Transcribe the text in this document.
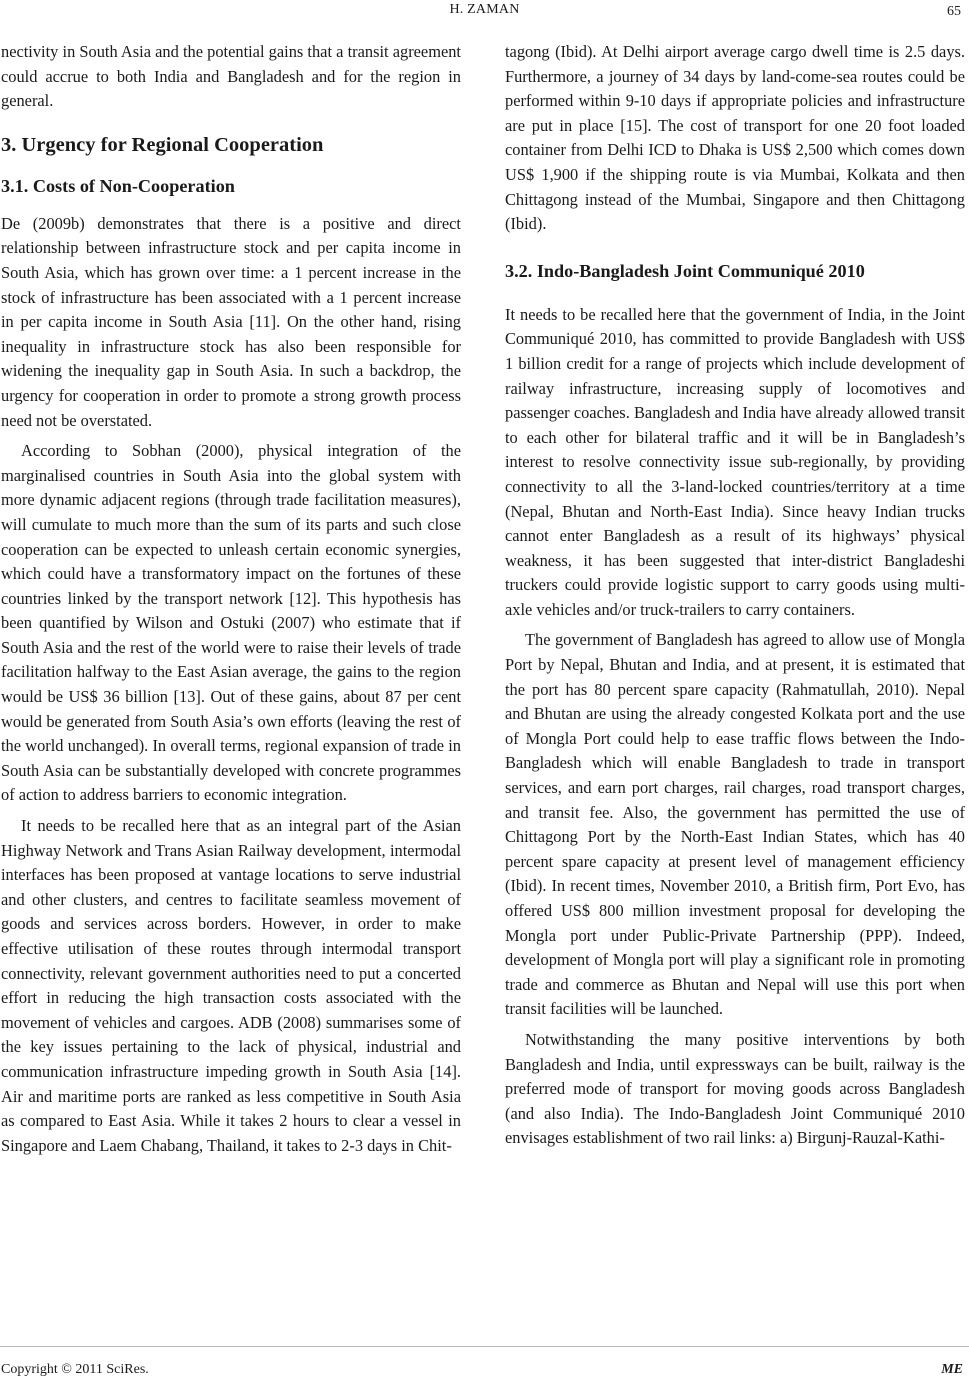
H. ZAMAN	65

nectivity in South Asia and the potential gains that a transit agreement could accrue to both India and Bangladesh and for the region in general.

3. Urgency for Regional Cooperation
3.1. Costs of Non-Cooperation

De (2009b) demonstrates that there is a positive and direct relationship between infrastructure stock and per capita income in South Asia, which has grown over time: a 1 percent increase in the stock of infrastructure has been associated with a 1 percent increase in per capita income in South Asia [11]. On the other hand, rising inequality in infrastructure stock has also been responsible for widening the inequality gap in South Asia. In such a backdrop, the urgency for cooperation in order to promote a strong growth process need not be overstated.

According to Sobhan (2000), physical integration of the marginalised countries in South Asia into the global system with more dynamic adjacent regions (through trade facilitation measures), will cumulate to much more than the sum of its parts and such close cooperation can be expected to unleash certain economic synergies, which could have a transformatory impact on the fortunes of these countries linked by the transport network [12]. This hypothesis has been quantified by Wilson and Ostuki (2007) who estimate that if South Asia and the rest of the world were to raise their levels of trade facilitation halfway to the East Asian average, the gains to the region would be US$ 36 billion [13]. Out of these gains, about 87 per cent would be generated from South Asia’s own efforts (leaving the rest of the world unchanged). In overall terms, regional expansion of trade in South Asia can be substantially developed with concrete programmes of action to address barriers to economic integration.

It needs to be recalled here that as an integral part of the Asian Highway Network and Trans Asian Railway development, intermodal interfaces has been proposed at vantage locations to serve industrial and other clusters, and centres to facilitate seamless movement of goods and services across borders. However, in order to make effective utilisation of these routes through intermodal transport connectivity, relevant government authorities need to put a concerted effort in reducing the high transaction costs associated with the movement of vehicles and cargoes. ADB (2008) summarises some of the key issues pertaining to the lack of physical, industrial and communication infrastructure impeding growth in South Asia [14]. Air and maritime ports are ranked as less competitive in South Asia as compared to East Asia. While it takes 2 hours to clear a vessel in Singapore and Laem Chabang, Thailand, it takes to 2-3 days in Chit-

tagong (Ibid). At Delhi airport average cargo dwell time is 2.5 days. Furthermore, a journey of 34 days by land-come-sea routes could be performed within 9-10 days if appropriate policies and infrastructure are put in place [15]. The cost of transport for one 20 foot loaded container from Delhi ICD to Dhaka is US$ 2,500 which comes down US$ 1,900 if the shipping route is via Mumbai, Kolkata and then Chittagong instead of the Mumbai, Singapore and then Chittagong (Ibid).

3.2. Indo-Bangladesh Joint Communiqué 2010

It needs to be recalled here that the government of India, in the Joint Communiqué 2010, has committed to provide Bangladesh with US$ 1 billion credit for a range of projects which include development of railway infrastructure, increasing supply of locomotives and passenger coaches. Bangladesh and India have already allowed transit to each other for bilateral traffic and it will be in Bangladesh’s interest to resolve connectivity issue sub-regionally, by providing connectivity to all the 3-land-locked countries/territory at a time (Nepal, Bhutan and North-East India). Since heavy Indian trucks cannot enter Bangladesh as a result of its highways’ physical weakness, it has been suggested that inter-district Bangladeshi truckers could provide logistic support to carry goods using multi-axle vehicles and/or truck-trailers to carry containers.

The government of Bangladesh has agreed to allow use of Mongla Port by Nepal, Bhutan and India, and at present, it is estimated that the port has 80 percent spare capacity (Rahmatullah, 2010). Nepal and Bhutan are using the already congested Kolkata port and the use of Mongla Port could help to ease traffic flows between the Indo-Bangladesh which will enable Bangladesh to trade in transport services, and earn port charges, rail charges, road transport charges, and transit fee. Also, the government has permitted the use of Chittagong Port by the North-East Indian States, which has 40 percent spare capacity at present level of management efficiency (Ibid). In recent times, November 2010, a British firm, Port Evo, has offered US$ 800 million investment proposal for developing the Mongla port under Public-Private Partnership (PPP). Indeed, development of Mongla port will play a significant role in promoting trade and commerce as Bhutan and Nepal will use this port when transit facilities will be launched.

Notwithstanding the many positive interventions by both Bangladesh and India, until expressways can be built, railway is the preferred mode of transport for moving goods across Bangladesh (and also India). The Indo-Bangladesh Joint Communiqué 2010 envisages establishment of two rail links: a) Birgunj-Rauzal-Kathi-

Copyright © 2011 SciRes.	ME
